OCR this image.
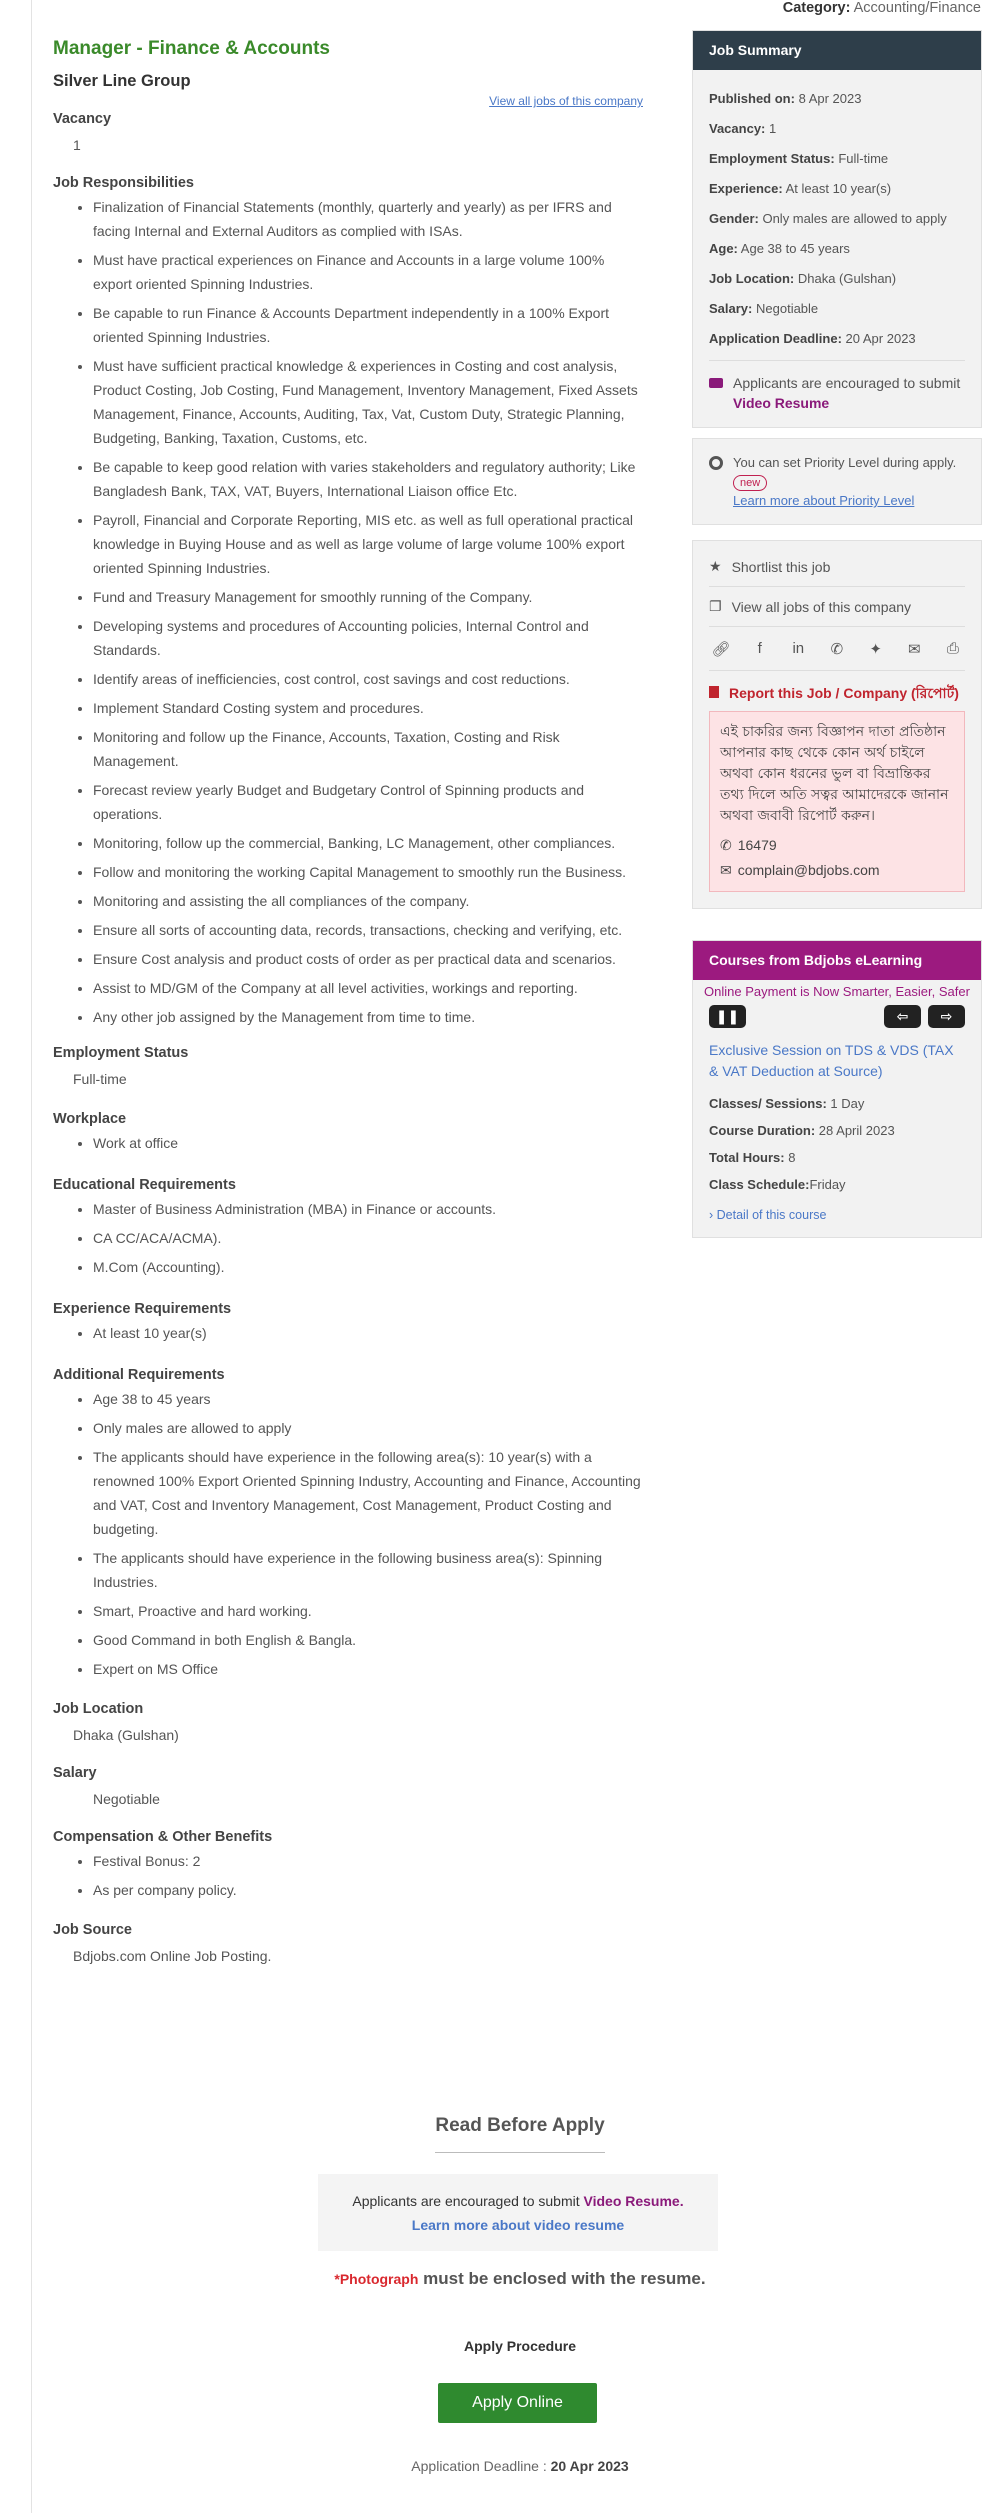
Category: Accounting/Finance
Manager - Finance & Accounts
Silver Line Group
View all jobs of this company
Vacancy
1
Job Responsibilities
• Finalization of Financial Statements (monthly, quarterly and yearly) as per IFRS and facing Internal and External Auditors as complied with ISAs.
• Must have practical experiences on Finance and Accounts in a large volume 100% export oriented Spinning Industries.
• Be capable to run Finance & Accounts Department independently in a 100% Export oriented Spinning Industries.
• Must have sufficient practical knowledge & experiences in Costing and cost analysis, Product Costing, Job Costing, Fund Management, Inventory Management, Fixed Assets Management, Finance, Accounts, Auditing, Tax, Vat, Custom Duty, Strategic Planning, Budgeting, Banking, Taxation, Customs, etc.
• Be capable to keep good relation with varies stakeholders and regulatory authority; Like Bangladesh Bank, TAX, VAT, Buyers, International Liaison office Etc.
• Payroll, Financial and Corporate Reporting, MIS etc. as well as full operational practical knowledge in Buying House and as well as large volume of large volume 100% export oriented Spinning Industries.
• Fund and Treasury Management for smoothly running of the Company.
• Developing systems and procedures of Accounting policies, Internal Control and Standards.
• Identify areas of inefficiencies, cost control, cost savings and cost reductions.
• Implement Standard Costing system and procedures.
• Monitoring and follow up the Finance, Accounts, Taxation, Costing and Risk Management.
• Forecast review yearly Budget and Budgetary Control of Spinning products and operations.
• Monitoring, follow up the commercial, Banking, LC Management, other compliances.
• Follow and monitoring the working Capital Management to smoothly run the Business.
• Monitoring and assisting the all compliances of the company.
• Ensure all sorts of accounting data, records, transactions, checking and verifying, etc.
• Ensure Cost analysis and product costs of order as per practical data and scenarios.
• Assist to MD/GM of the Company at all level activities, workings and reporting.
• Any other job assigned by the Management from time to time.
Employment Status
Full-time
Workplace
• Work at office
Educational Requirements
• Master of Business Administration (MBA) in Finance or accounts.
• CA CC/ACA/ACMA).
• M.Com (Accounting).
Experience Requirements
• At least 10 year(s)
Additional Requirements
• Age 38 to 45 years
• Only males are allowed to apply
• The applicants should have experience in the following area(s): 10 year(s) with a renowned 100% Export Oriented Spinning Industry, Accounting and Finance, Accounting and VAT, Cost and Inventory Management, Cost Management, Product Costing and budgeting.
• The applicants should have experience in the following business area(s): Spinning Industries.
• Smart, Proactive and hard working.
• Good Command in both English & Bangla.
• Expert on MS Office
Job Location
Dhaka (Gulshan)
Salary
Negotiable
Compensation & Other Benefits
• Festival Bonus: 2
• As per company policy.
Job Source
Bdjobs.com Online Job Posting.
Job Summary
Published on: 8 Apr 2023
Vacancy: 1
Employment Status: Full-time
Experience: At least 10 year(s)
Gender: Only males are allowed to apply
Age: Age 38 to 45 years
Job Location: Dhaka (Gulshan)
Salary: Negotiable
Application Deadline: 20 Apr 2023
Applicants are encouraged to submit Video Resume
You can set Priority Level during apply. new
Learn more about Priority Level
★ Shortlist this job
❐ View all jobs of this company
🔗︎	f	in ✆ ✦ ✉ ⎙
Report this Job / Company (রিপোর্ট)
এই চাকরির জন্য বিজ্ঞাপন দাতা প্রতিষ্ঠান আপনার কাছ থেকে কোন অর্থ চাইলে অথবা কোন ধরনের ভুল বা বিভ্রান্তিকর তথ্য দিলে অতি সত্বর আমাদেরকে জানান অথবা জবাবী রিপোর্ট করুন।
✆ 16479
✉ complain@bdjobs.com
Courses from Bdjobs eLearning
Online Payment is Now Smarter, Easier, Safer
❚❚	⇦	⇨
Exclusive Session on TDS & VDS (TAX & VAT Deduction at Source)
Classes/ Sessions: 1 Day
Course Duration: 28 April 2023
Total Hours: 8
Class Schedule:Friday
› Detail of this course
Read Before Apply
Applicants are encouraged to submit Video Resume.
Learn more about video resume
*Photograph must be enclosed with the resume.
Apply Procedure
Apply Online
Application Deadline : 20 Apr 2023
